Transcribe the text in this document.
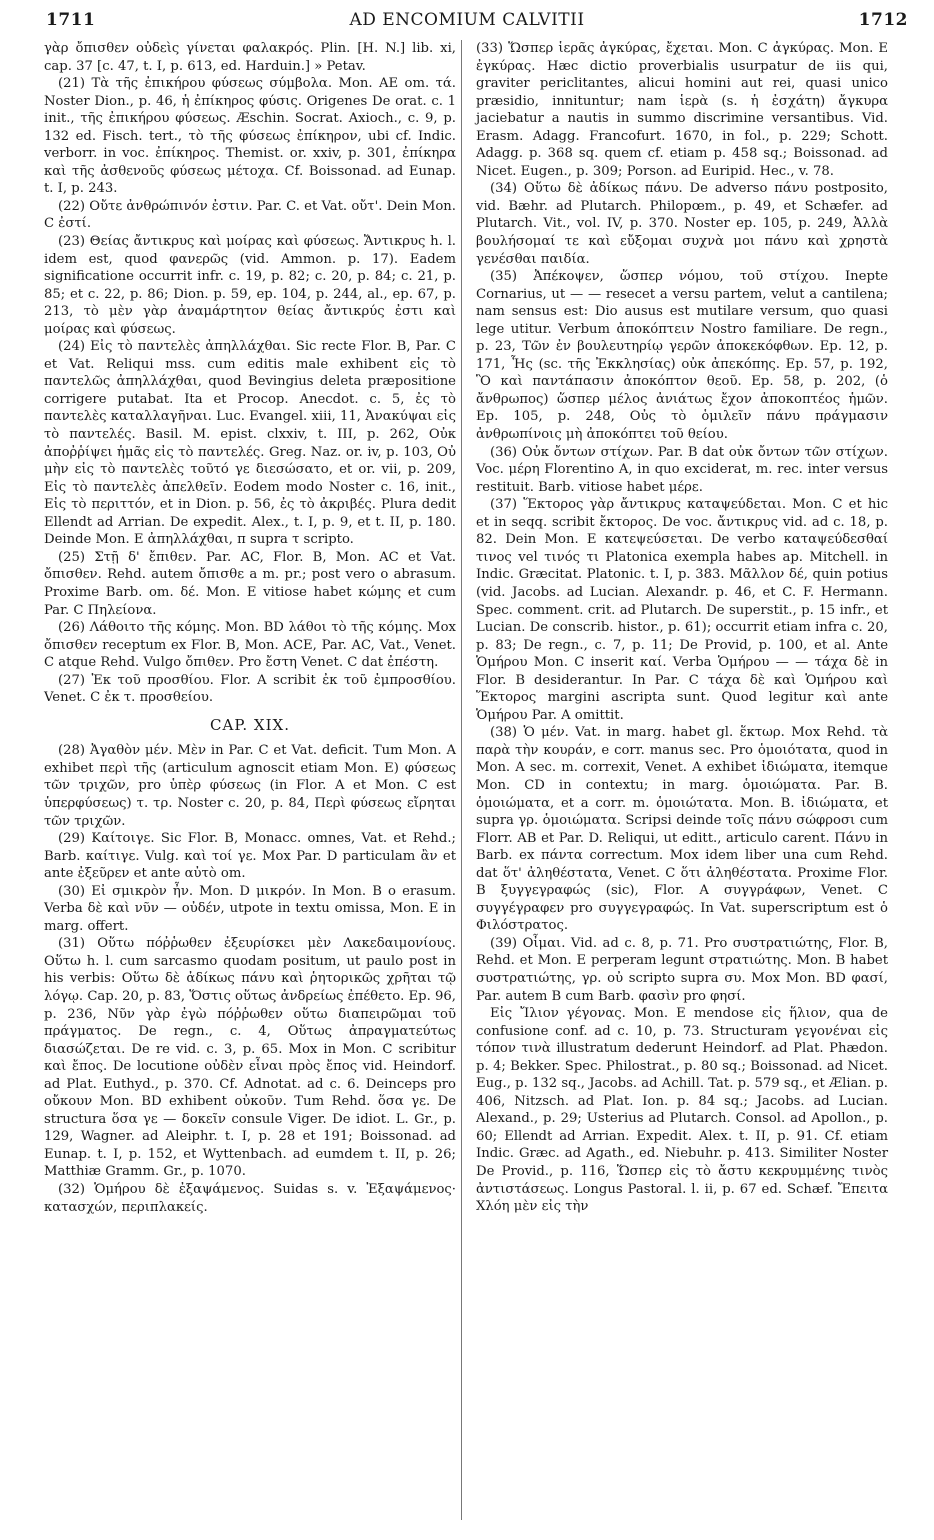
1711	AD ENCOMIUM CALVITII	1712

γὰρ ὄπισθεν οὐδεὶς γίνεται φαλακρός. Plin. [H. N.] lib. xi, cap. 37 [c. 47, t. I, p. 613, ed. Harduin.] » Petav.

(21) Τὰ τῆς ἐπικήρου φύσεως σύμβολα. Mon. AE om. τά. Noster Dion., p. 46, ἡ ἐπίκηρος φύσις. Origenes De orat. c. 1 init., τῆς ἐπικήρου φύσεως. Æschin. Socrat. Axioch., c. 9, p. 132 ed. Fisch. tert., τὸ τῆς φύσεως ἐπίκηρον, ubi cf. Indic. verborr. in voc. ἐπίκηρος. Themist. or. xxiv, p. 301, ἐπίκηρα καὶ τῆς ἀσθενοῦς φύσεως μέτοχα. Cf. Boissonad. ad Eunap. t. I, p. 243.

(22) Οὔτε ἀνθρώπινόν ἐστιν. Par. C. et Vat. οὔτ'. Dein Mon. C ἐστί.

(23) Θείας ἄντικρυς καὶ μοίρας καὶ φύσεως. Ἄντικρυς h. l. idem est, quod φανερῶς (vid. Ammon. p. 17). Eadem significatione occurrit infr. c. 19, p. 82; c. 20, p. 84; c. 21, p. 85; et c. 22, p. 86; Dion. p. 59, ep. 104, p. 244, al., ep. 67, p. 213, τὸ μὲν γὰρ ἀναμάρτητον θείας ἄντικρύς ἐστι καὶ μοίρας καὶ φύσεως.

(24) Εἰς τὸ παντελὲς ἀπηλλάχθαι. Sic recte Flor. B, Par. C et Vat. Reliqui mss. cum editis male exhibent εἰς τὸ παντελῶς ἀπηλλάχθαι, quod Bevingius deleta præpositione corrigere putabat. Ita et Procop. Anecdot. c. 5, ἐς τὸ παντελὲς καταλλαγῆναι. Luc. Evangel. xiii, 11, Ἀνακύψαι εἰς τὸ παντελές. Basil. M. epist. clxxiv, t. III, p. 262, Οὐκ ἀποῤῥίψει ἡμᾶς εἰς τὸ παντελές. Greg. Naz. or. iv, p. 103, Οὐ μὴν εἰς τὸ παντελὲς τοῦτό γε διεσώσατο, et or. vii, p. 209, Εἰς τὸ παντελὲς ἀπελθεῖν. Eodem modo Noster c. 16, init., Εἰς τὸ περιττόν, et in Dion. p. 56, ἐς τὸ ἀκριβές. Plura dedit Ellendt ad Arrian. De expedit. Alex., t. I, p. 9, et t. II, p. 180. Deinde Mon. E ἀπηλλάχθαι, π supra τ scripto.

(25) Στῇ δ' ἔπιθεν. Par. AC, Flor. B, Mon. AC et Vat. ὄπισθεν. Rehd. autem ὄπισθε a m. pr.; post vero ο abrasum. Proxime Barb. om. δέ. Mon. E vitiose habet κώμης et cum Par. C Πηλείονα.

(26) Λάθοιτο τῆς κόμης. Mon. BD λάθοι τὸ τῆς κόμης. Mox ὄπισθεν receptum ex Flor. B, Mon. ACE, Par. AC, Vat., Venet. C atque Rehd. Vulgo ὄπιθεν. Pro ἔστη Venet. C dat ἐπέστη.

(27) Ἐκ τοῦ προσθίου. Flor. A scribit ἐκ τοῦ ἐμπροσθίου. Venet. C ἐκ τ. προσθείου.

CAP. XIX.

(28) Ἀγαθὸν μέν. Μὲν in Par. C et Vat. deficit. Tum Mon. A exhibet περὶ τῆς (articulum agnoscit etiam Mon. E) φύσεως τῶν τριχῶν, pro ὑπὲρ φύσεως (in Flor. A et Mon. C est ὑπερφύσεως) τ. τρ. Noster c. 20, p. 84, Περὶ φύσεως εἴρηται τῶν τριχῶν.

(29) Καίτοιγε. Sic Flor. B, Monacc. omnes, Vat. et Rehd.; Barb. καίτιγε. Vulg. καὶ τοί γε. Mox Par. D particulam ἂν et ante ἐξεῦρεν et ante αὐτὸ om.

(30) Εἰ σμικρὸν ἦν. Mon. D μικρόν. In Mon. B ο erasum. Verba δὲ καὶ νῦν — οὐδέν, utpote in textu omissa, Mon. E in marg. offert.

(31) Οὕτω πόῤῥωθεν ἐξευρίσκει μὲν Λακεδαιμονίους. Οὕτω h. l. cum sarcasmo quodam positum, ut paulo post in his verbis: Οὕτω δὲ ἀδίκως πάνυ καὶ ῥητορικῶς χρῆται τῷ λόγῳ. Cap. 20, p. 83, Ὅστις οὕτως ἀνδρείως ἐπέθετο. Ep. 96, p. 236, Νῦν γὰρ ἐγὼ πόῤῥωθεν οὕτω διαπειρῶμαι τοῦ πράγματος. De regn., c. 4, Οὕτως ἀπραγματεύτως διασώζεται. De re vid. c. 3, p. 65. Mox in Mon. C scribitur καὶ ἔπος. De locutione οὐδὲν εἶναι πρὸς ἔπος vid. Heindorf. ad Plat. Euthyd., p. 370. Cf. Adnotat. ad c. 6. Deinceps pro οὔκουν Mon. BD exhibent οὐκοῦν. Tum Rehd. ὅσα γε. De structura ὅσα γε — δοκεῖν consule Viger. De idiot. L. Gr., p. 129, Wagner. ad Aleiphr. t. I, p. 28 et 191; Boissonad. ad Eunap. t. I, p. 152, et Wyttenbach. ad eumdem t. II, p. 26; Matthiæ Gramm. Gr., p. 1070.

(32) Ὁμήρου δὲ ἐξαψάμενος. Suidas s. v. Ἐξαψάμενος· κατασχών, περιπλακείς.

(33) Ὥσπερ ἱερᾶς ἀγκύρας, ἔχεται. Mon. C ἀγκύρας. Mon. E ἐγκύρας. Hæc dictio proverbialis usurpatur de iis qui, graviter periclitantes, alicui homini aut rei, quasi unico præsidio, innituntur; nam ἱερὰ (s. ἡ ἐσχάτη) ἄγκυρα jaciebatur a nautis in summo discrimine versantibus. Vid. Erasm. Adagg. Francofurt. 1670, in fol., p. 229; Schott. Adagg. p. 368 sq. quem cf. etiam p. 458 sq.; Boissonad. ad Nicet. Eugen., p. 309; Porson. ad Euripid. Hec., v. 78.

(34) Οὕτω δὲ ἀδίκως πάνυ. De adverso πάνυ postposito, vid. Bæhr. ad Plutarch. Philopœm., p. 49, et Schæfer. ad Plutarch. Vit., vol. IV, p. 370. Noster ep. 105, p. 249, Ἀλλὰ βουλήσομαί τε καὶ εὔξομαι συχνὰ μοι πάνυ καὶ χρηστὰ γενέσθαι παιδία.

(35) Ἀπέκοψεν, ὥσπερ νόμου, τοῦ στίχου. Inepte Cornarius, ut — — resecet a versu partem, velut a cantilena; nam sensus est: Dio ausus est mutilare versum, quo quasi lege utitur. Verbum ἀποκόπτειν Nostro familiare. De regn., p. 23, Τῶν ἐν βουλευτηρίῳ γερῶν ἀποκεκόφθων. Ep. 12, p. 171, Ἧς (sc. τῆς Ἐκκλησίας) οὐκ ἀπεκόπης. Ep. 57, p. 192, Ὃ καὶ παντάπασιν ἀποκόπτον θεοῦ. Ep. 58, p. 202, (ὁ ἄνθρωπος) ὥσπερ μέλος ἀνιάτως ἔχον ἀποκοπτέος ἡμῶν. Ep. 105, p. 248, Οὐς τὸ ὁμιλεῖν πάνυ πράγμασιν ἀνθρωπίνοις μὴ ἀποκόπτει τοῦ θείου.

(36) Οὐκ ὄντων στίχων. Par. B dat οὐκ ὄντων τῶν στίχων. Voc. μέρη Florentino A, in quo exciderat, m. rec. inter versus restituit. Barb. vitiose habet μέρε.

(37) Ἕκτορος γὰρ ἄντικρυς καταψεύδεται. Mon. C et hic et in seqq. scribit ἔκτορος. De voc. ἄντικρυς vid. ad c. 18, p. 82. Dein Mon. E κατεψεύσεται. De verbo καταψεύδεσθαί τινος vel τινός τι Platonica exempla habes ap. Mitchell. in Indic. Græcitat. Platonic. t. I, p. 383. Μᾶλλον δέ, quin potius (vid. Jacobs. ad Lucian. Alexandr. p. 46, et C. F. Hermann. Spec. comment. crit. ad Plutarch. De superstit., p. 15 infr., et Lucian. De conscrib. histor., p. 61); occurrit etiam infra c. 20, p. 83; De regn., c. 7, p. 11; De Provid, p. 100, et al. Ante Ὁμήρου Mon. C inserit καί. Verba Ὁμήρου — — τάχα δὲ in Flor. B desiderantur. In Par. C τάχα δὲ καὶ Ὁμήρου καὶ Ἕκτορος margini ascripta sunt. Quod legitur καὶ ante Ὁμήρου Par. A omittit.

(38) Ὁ μέν. Vat. in marg. habet gl. ἕκτωρ. Mox Rehd. τὰ παρὰ τὴν κουράν, e corr. manus sec. Pro ὁμοιότατα, quod in Mon. A sec. m. correxit, Venet. A exhibet ἰδιώματα, itemque Mon. CD in contextu; in marg. ὁμοιώματα. Par. B. ὁμοιώματα, et a corr. m. ὁμοιώτατα. Mon. B. ἰδιώματα, et supra γρ. ὁμοιώματα. Scripsi deinde τοῖς πάνυ σώφροσι cum Florr. AB et Par. D. Reliqui, ut editt., articulo carent. Πάνυ in Barb. ex πάντα correctum. Mox idem liber una cum Rehd. dat ὅτ' ἀληθέστατα, Venet. C ὅτι ἀληθέστατα. Proxime Flor. B ξυγγεγραφώς (sic), Flor. A συγγράφων, Venet. C συγγέγραφεν pro συγγεγραφώς. In Vat. superscriptum est ὁ Φιλόστρατος.

(39) Οἶμαι. Vid. ad c. 8, p. 71. Pro συστρατιώτης, Flor. B, Rehd. et Mon. E perperam legunt στρατιώτης. Mon. B habet συστρατιώτης, γρ. οὐ scripto supra συ. Mox Mon. BD φασί, Par. autem B cum Barb. φασὶν pro φησί.

Εἰς Ἴλιον γέγονας. Mon. E mendose εἰς ἥλιον, qua de confusione conf. ad c. 10, p. 73. Structuram γεγονέναι εἰς τόπον τινὰ illustratum dederunt Heindorf. ad Plat. Phædon. p. 4; Bekker. Spec. Philostrat., p. 80 sq.; Boissonad. ad Nicet. Eug., p. 132 sq., Jacobs. ad Achill. Tat. p. 579 sq., et Ælian. p. 406, Nitzsch. ad Plat. Ion. p. 84 sq.; Jacobs. ad Lucian. Alexand., p. 29; Usterius ad Plutarch. Consol. ad Apollon., p. 60; Ellendt ad Arrian. Expedit. Alex. t. II, p. 91. Cf. etiam Indic. Græc. ad Agath., ed. Niebuhr. p. 413. Similiter Noster De Provid., p. 116, Ὥσπερ εἰς τὸ ἄστυ κεκρυμμένης τινὸς ἀντιστάσεως. Longus Pastoral. l. ii, p. 67 ed. Schæf. Ἔπειτα Χλόη μὲν εἰς τὴν
